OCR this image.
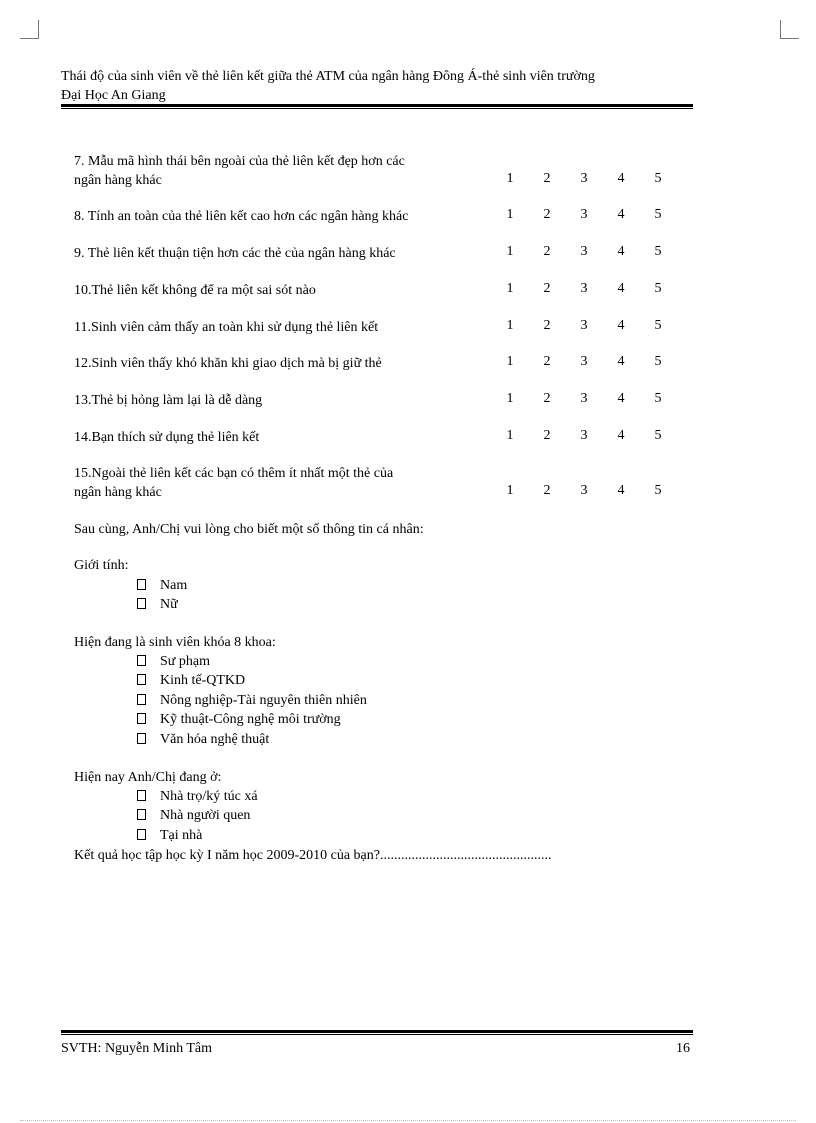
Thái độ của sinh viên về thẻ liên kết giữa thẻ ATM của ngân hàng Đông Á-thẻ sinh viên trường
Đại Học An Giang
7. Mẫu mã hình thái bên ngoài của thẻ liên kết đẹp hơn các
ngân hàng khác	1 2 3 4 5
8. Tính an toàn của thẻ liên kết cao hơn các ngân hàng khác	1 2 3 4 5
9. Thẻ liên kết thuận tiện hơn các thẻ của ngân hàng khác	1 2 3 4 5
10.Thẻ liên kết không để ra một sai sót nào	1 2 3 4 5
11.Sinh viên cảm thấy an toàn khi sử dụng thẻ liên kết	1 2 3 4 5
12.Sinh viên thấy khó khăn khi giao dịch mà bị giữ thẻ	1 2 3 4 5
13.Thẻ bị hỏng làm lại là dễ dàng	1 2 3 4 5
14.Bạn thích sử dụng thẻ liên kết	1 2 3 4 5
15.Ngoài thẻ liên kết các bạn có thêm ít nhất một thẻ của
ngân hàng khác	1 2 3 4 5
Sau cùng, Anh/Chị vui lòng cho biết một số thông tin cá nhân:
Giới tính:
Nam
Nữ
Hiện đang là sinh viên khóa 8 khoa:
Sư phạm
Kinh tế-QTKD
Nông nghiệp-Tài nguyên thiên nhiên
Kỹ thuật-Công nghệ môi trường
Văn hóa nghệ thuật
Hiện nay Anh/Chị đang ở:
Nhà trọ/ký túc xá
Nhà người quen
Tại nhà
Kết quả học tập học kỳ I năm học 2009-2010 của bạn?.................................................
SVTH: Nguyễn Minh Tâm	16
